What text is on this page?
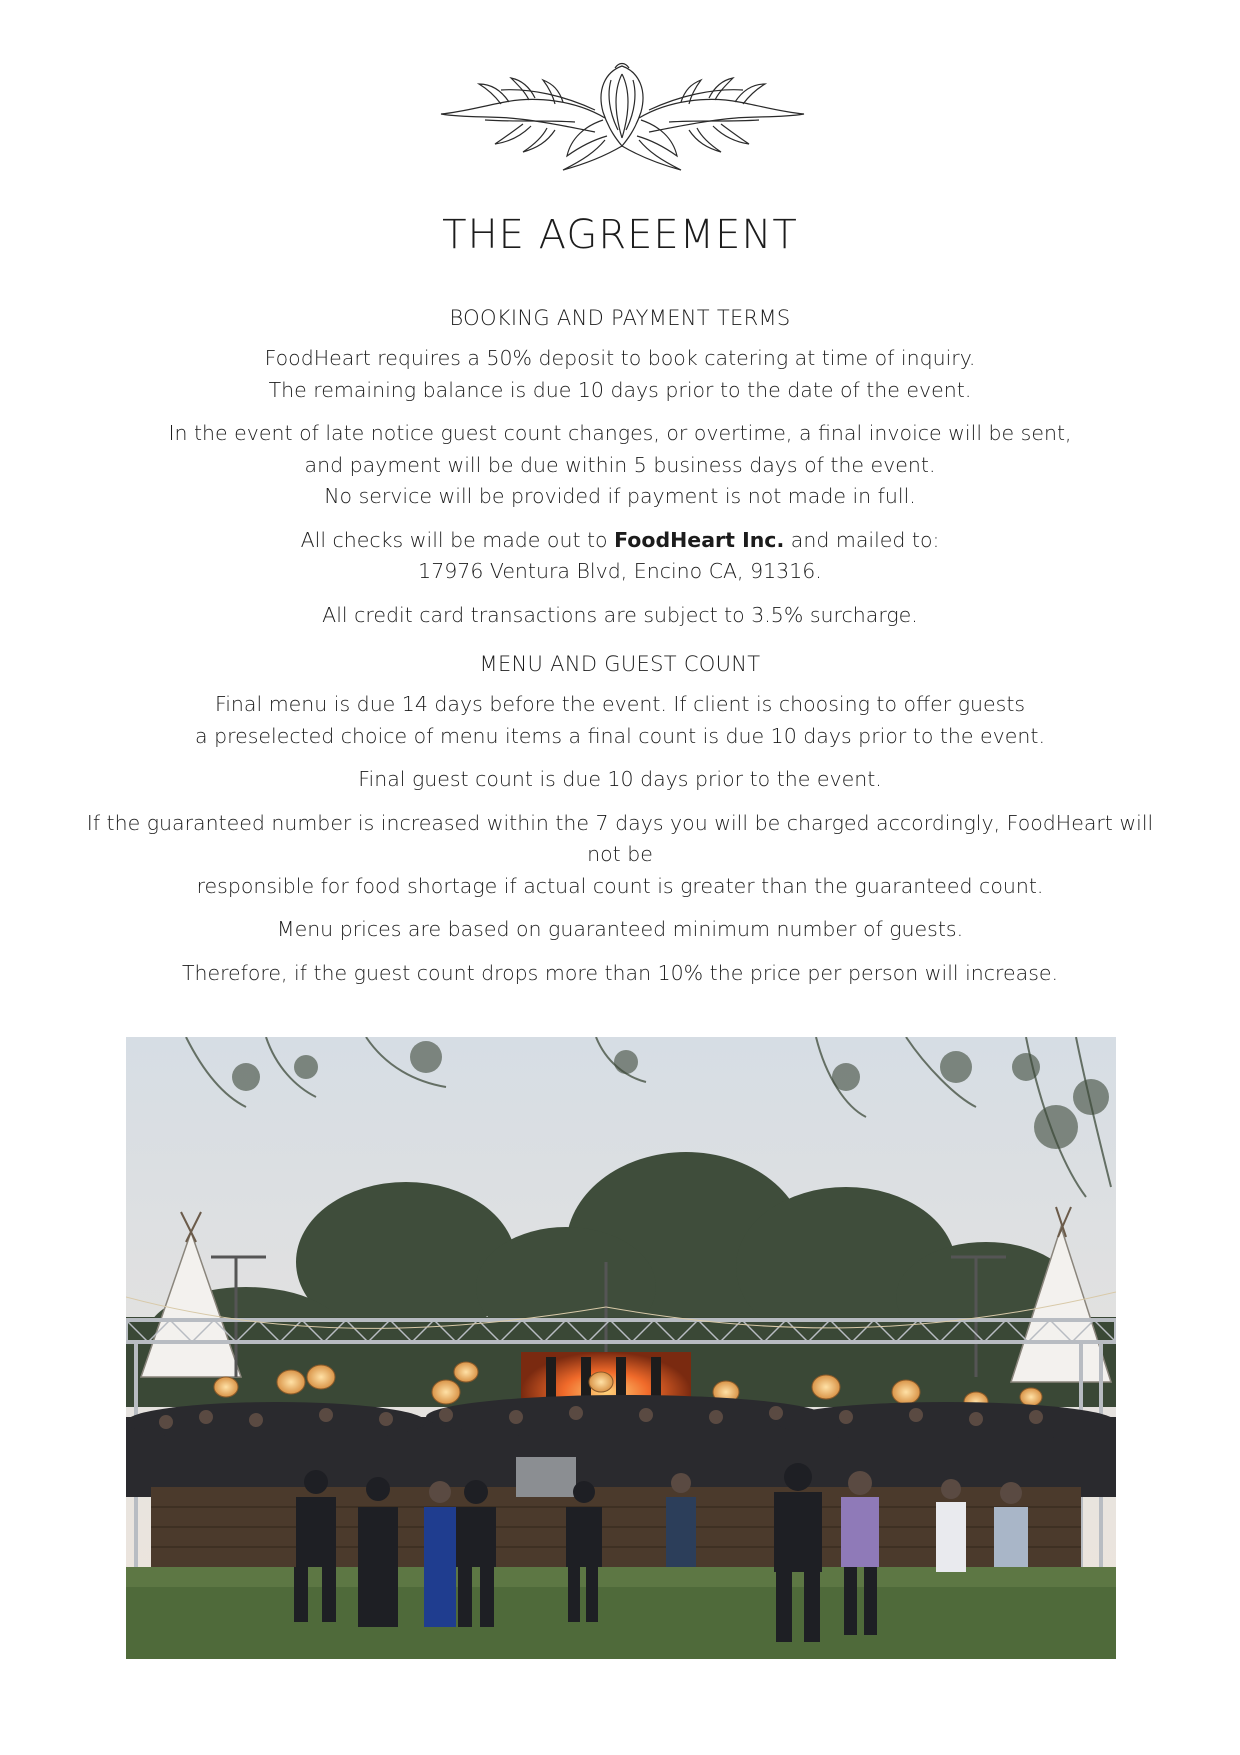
THE AGREEMENT
BOOKING AND PAYMENT TERMS

FoodHeart requires a 50% deposit to book catering at time of inquiry.
The remaining balance is due 10 days prior to the date of the event.

In the event of late notice guest count changes, or overtime, a final invoice will be sent,
and payment will be due within 5 business days of the event.
No service will be provided if payment is not made in full.

All checks will be made out to FoodHeart Inc. and mailed to:
17976 Ventura Blvd, Encino CA, 91316.

All credit card transactions are subject to 3.5% surcharge.

MENU AND GUEST COUNT

Final menu is due 14 days before the event. If client is choosing to offer guests
a preselected choice of menu items a final count is due 10 days prior to the event.

Final guest count is due 10 days prior to the event.

If the guaranteed number is increased within the 7 days you will be charged accordingly, FoodHeart will not be
responsible for food shortage if actual count is greater than the guaranteed count.

Menu prices are based on guaranteed minimum number of guests.

Therefore, if the guest count drops more than 10% the price per person will increase.
